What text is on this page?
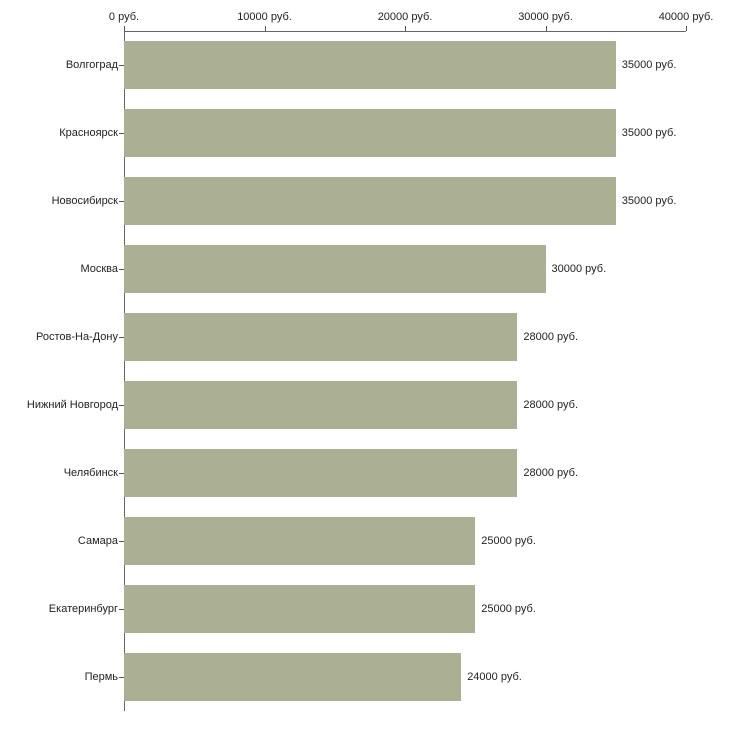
0 руб.	10000 руб.	20000 руб.	30000 руб.	40000 руб.
Волгоград	35000 руб.
Красноярск	35000 руб.
Новосибирск	35000 руб.
Москва	30000 руб.
Ростов-На-Дону	28000 руб.
Нижний Новгород	28000 руб.
Челябинск	28000 руб.
Самара	25000 руб.
Екатеринбург	25000 руб.
Пермь	24000 руб.
